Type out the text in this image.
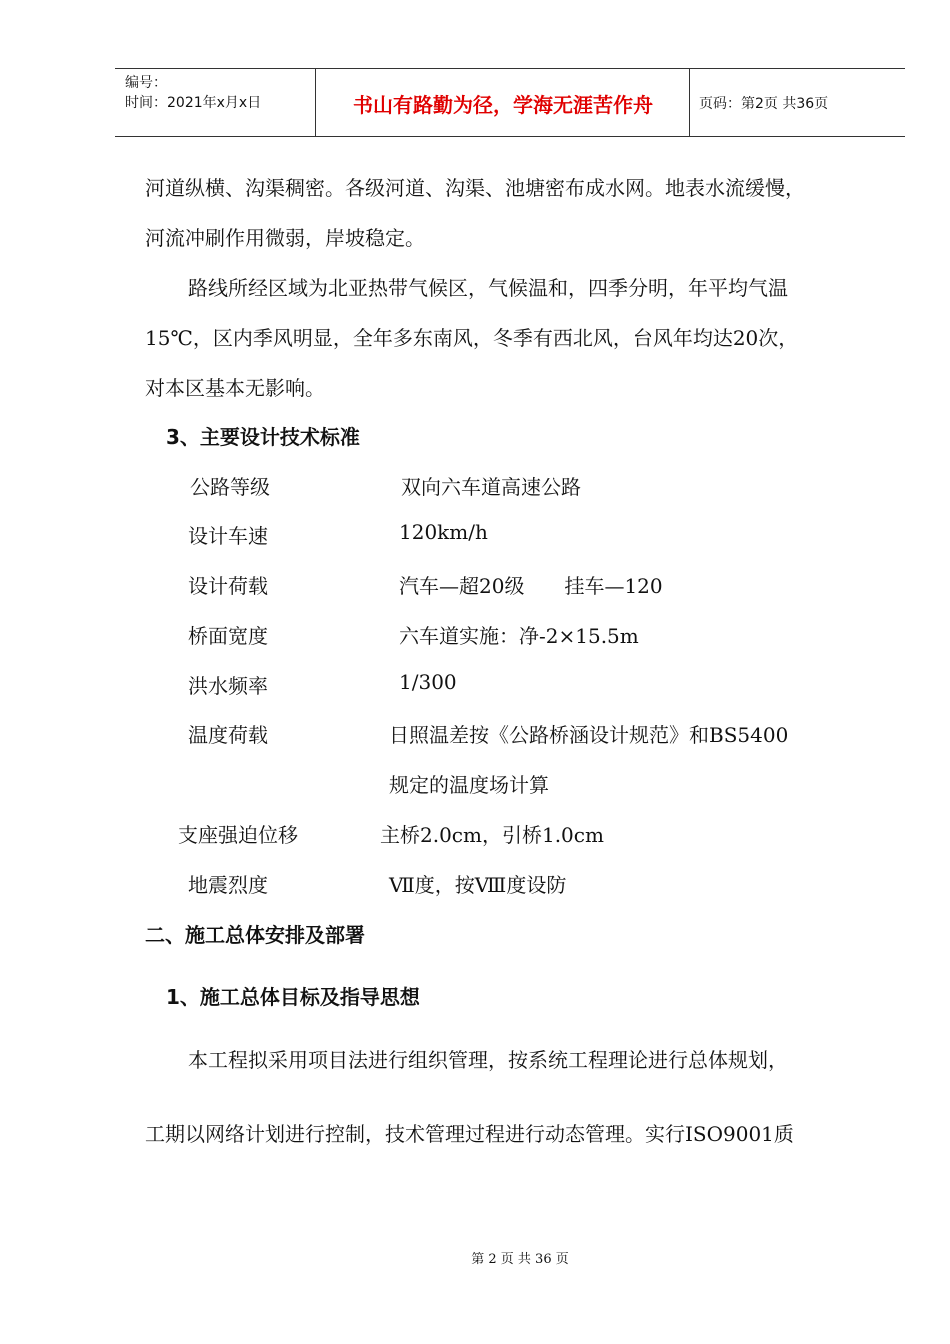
编号：
时间：2021年x月x日	书山有路勤为径，学海无涯苦作舟	页码：第2页 共36页
河道纵横、沟渠稠密。各级河道、沟渠、池塘密布成水网。地表水流缓慢，
河流冲刷作用微弱，岸坡稳定。
路线所经区域为北亚热带气候区，气候温和，四季分明，年平均气温
15℃，区内季风明显，全年多东南风，冬季有西北风，台风年均达20次，
对本区基本无影响。
3、主要设计技术标准
公路等级	双向六车道高速公路
设计车速	120km/h
设计荷载	汽车—超20级　　挂车—120
桥面宽度	六车道实施：净-2×15.5m
洪水频率	1/300
温度荷载	日照温差按《公路桥涵设计规范》和BS5400
规定的温度场计算
支座强迫位移	主桥2.0cm，引桥1.0cm
地震烈度	Ⅶ度，按Ⅷ度设防
二、施工总体安排及部署
1、施工总体目标及指导思想
本工程拟采用项目法进行组织管理，按系统工程理论进行总体规划，
工期以网络计划进行控制，技术管理过程进行动态管理。实行ISO9001质
第 2 页 共 36 页
